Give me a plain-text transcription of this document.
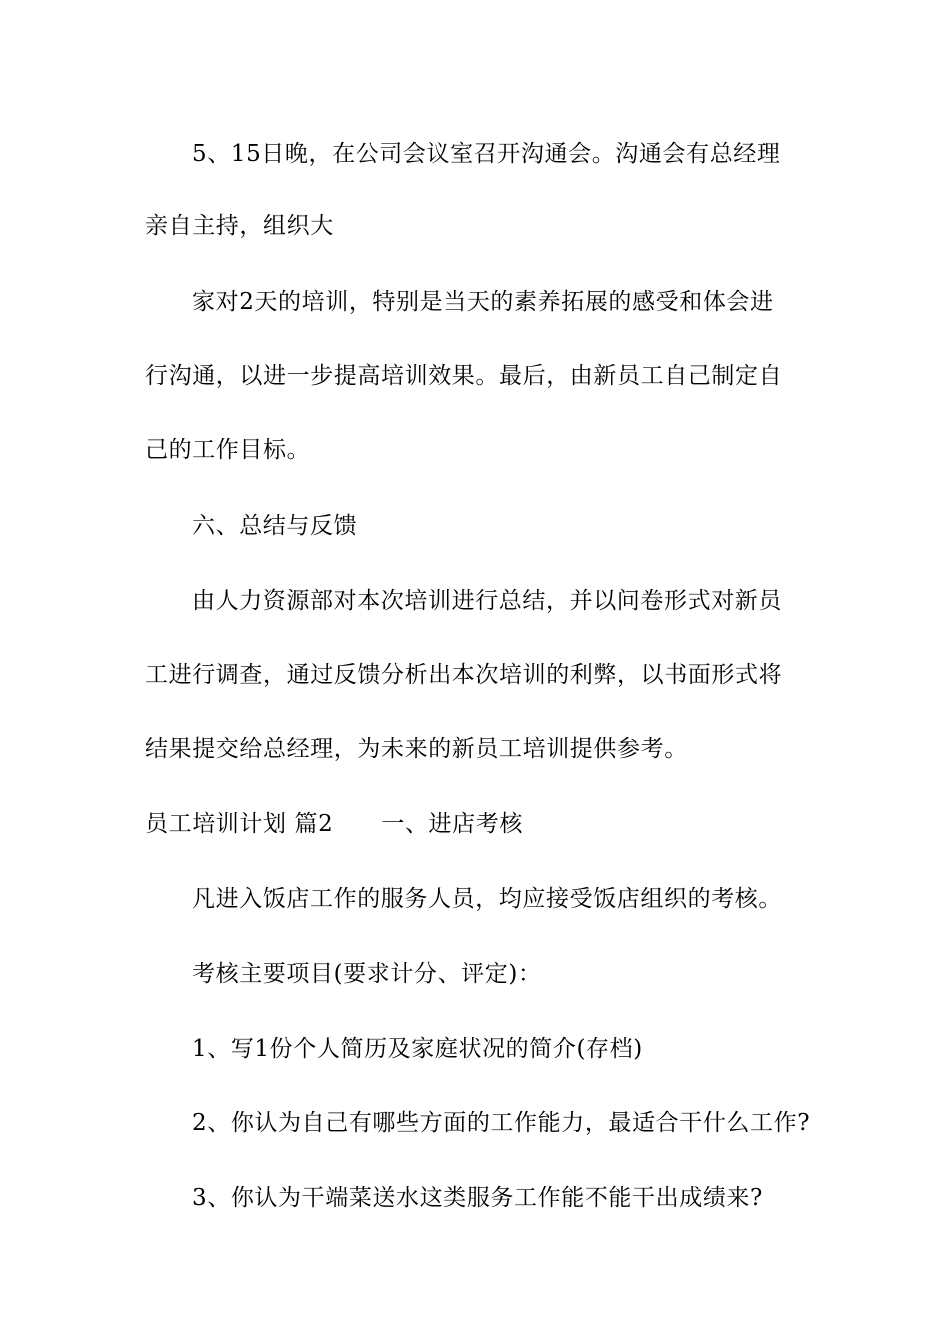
5、15日晚，在公司会议室召开沟通会。沟通会有总经理
亲自主持，组织大
家对2天的培训，特别是当天的素养拓展的感受和体会进
行沟通，以进一步提高培训效果。最后，由新员工自己制定自
己的工作目标。
六、总结与反馈
由人力资源部对本次培训进行总结，并以问卷形式对新员
工进行调查，通过反馈分析出本次培训的利弊，以书面形式将
结果提交给总经理，为未来的新员工培训提供参考。
员工培训计划 篇2 一、进店考核
凡进入饭店工作的服务人员，均应接受饭店组织的考核。
考核主要项目(要求计分、评定)：
1、写1份个人简历及家庭状况的简介(存档)
2、你认为自己有哪些方面的工作能力，最适合干什么工作?
3、你认为干端菜送水这类服务工作能不能干出成绩来?
